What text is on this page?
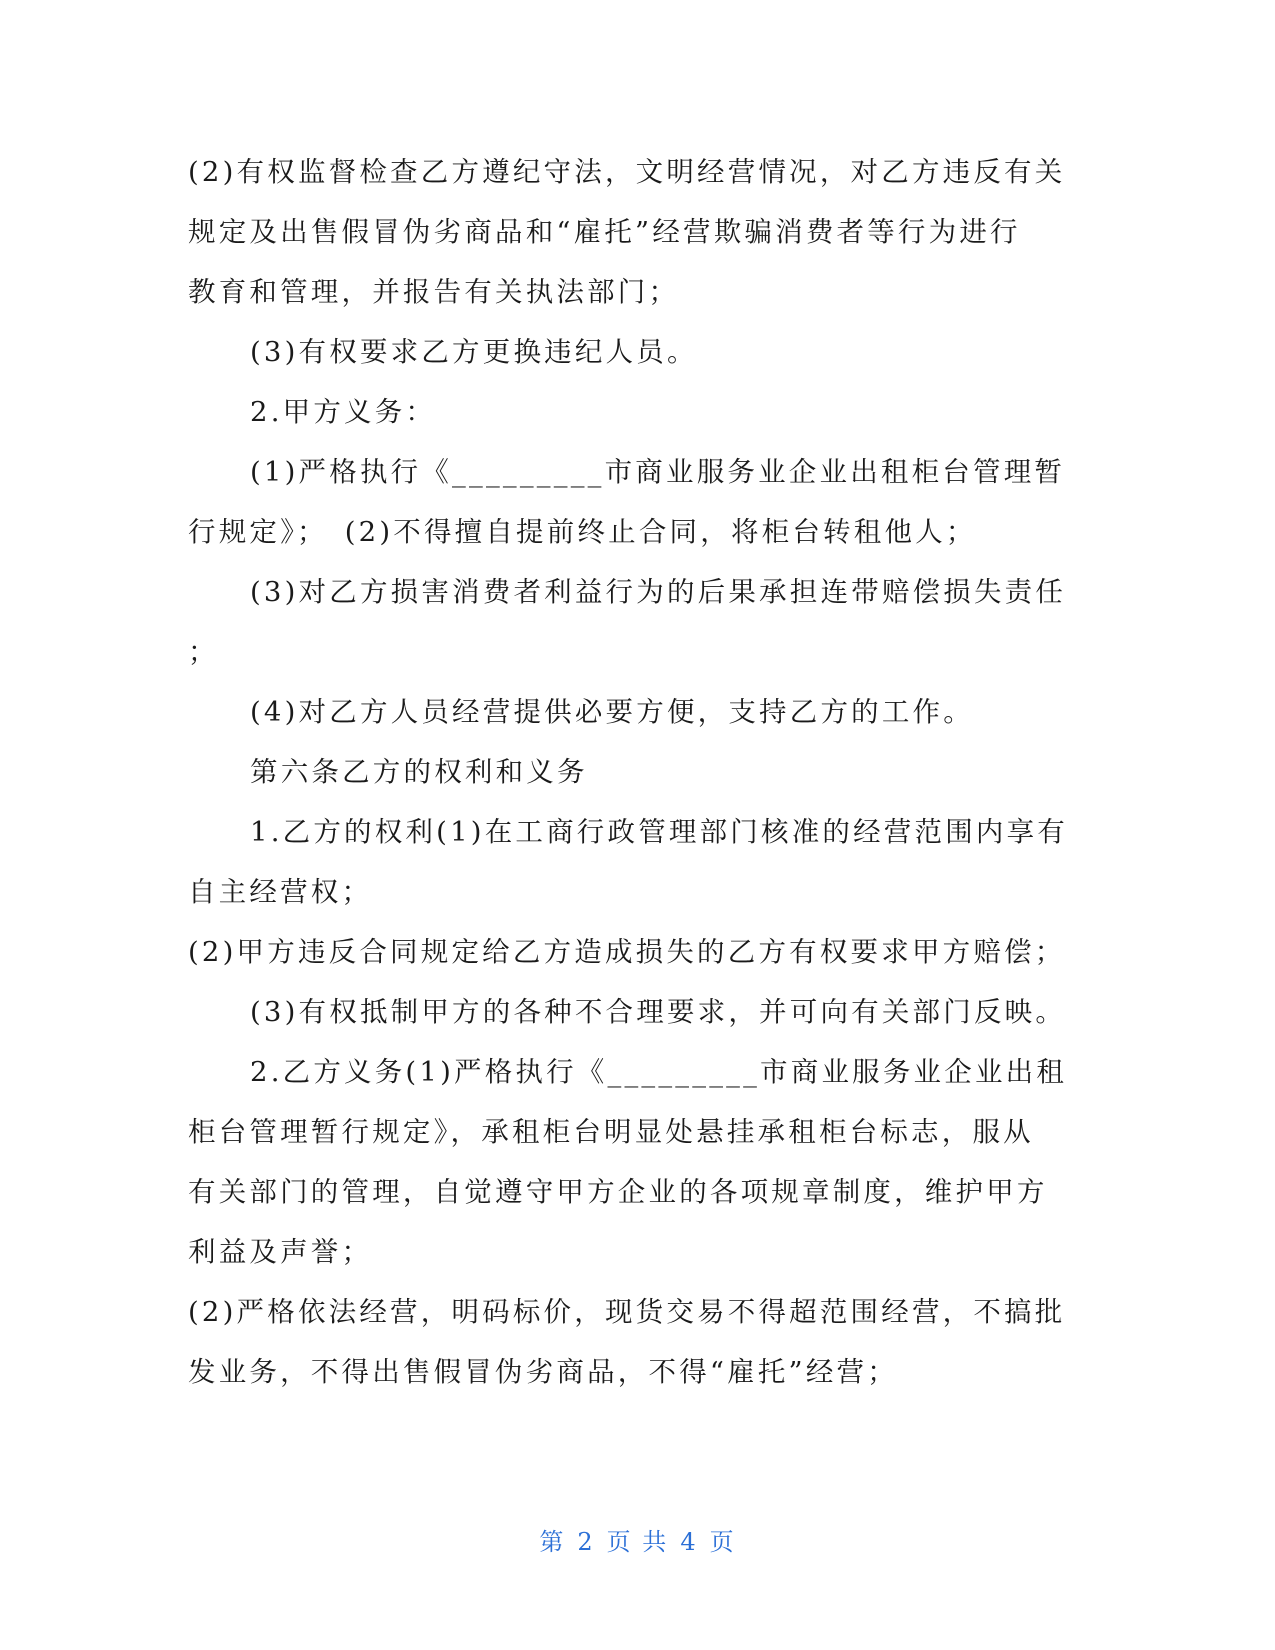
(2)有权监督检查乙方遵纪守法，文明经营情况，对乙方违反有关
规定及出售假冒伪劣商品和“雇托”经营欺骗消费者等行为进行
教育和管理，并报告有关执法部门；
(3)有权要求乙方更换违纪人员。
2.甲方义务：
(1)严格执行《_________市商业服务业企业出租柜台管理暂
行规定》；　(2)不得擅自提前终止合同，将柜台转租他人；
(3)对乙方损害消费者利益行为的后果承担连带赔偿损失责任
；
(4)对乙方人员经营提供必要方便，支持乙方的工作。
第六条乙方的权利和义务
1.乙方的权利(1)在工商行政管理部门核准的经营范围内享有
自主经营权；
(2)甲方违反合同规定给乙方造成损失的乙方有权要求甲方赔偿；
(3)有权抵制甲方的各种不合理要求，并可向有关部门反映。
2.乙方义务(1)严格执行《_________市商业服务业企业出租
柜台管理暂行规定》，承租柜台明显处悬挂承租柜台标志，服从
有关部门的管理，自觉遵守甲方企业的各项规章制度，维护甲方
利益及声誉；
(2)严格依法经营，明码标价，现货交易不得超范围经营，不搞批
发业务，不得出售假冒伪劣商品，不得“雇托”经营；
第 2 页 共 4 页
